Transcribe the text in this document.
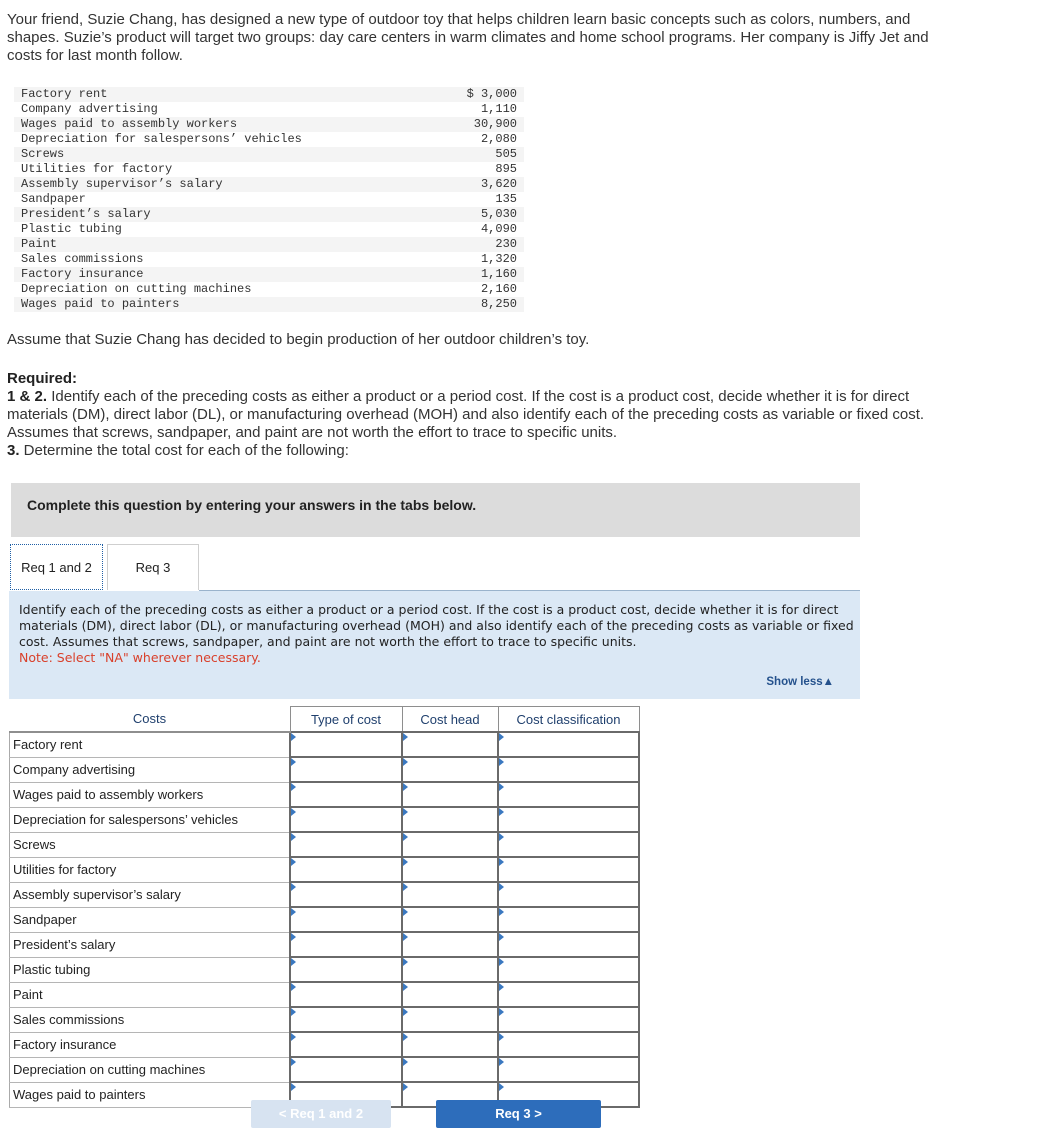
Your friend, Suzie Chang, has designed a new type of outdoor toy that helps children learn basic concepts such as colors, numbers, and shapes. Suzie’s product will target two groups: day care centers in warm climates and home school programs. Her company is Jiffy Jet and costs for last month follow.
Factory rent	$ 3,000
Company advertising	1,110
Wages paid to assembly workers	30,900
Depreciation for salespersons’ vehicles	2,080
Screws	505
Utilities for factory	895
Assembly supervisor’s salary	3,620
Sandpaper	135
President’s salary	5,030
Plastic tubing	4,090
Paint	230
Sales commissions	1,320
Factory insurance	1,160
Depreciation on cutting machines	2,160
Wages paid to painters	8,250
Assume that Suzie Chang has decided to begin production of her outdoor children’s toy.
Required:
1 & 2. Identify each of the preceding costs as either a product or a period cost. If the cost is a product cost, decide whether it is for direct materials (DM), direct labor (DL), or manufacturing overhead (MOH) and also identify each of the preceding costs as variable or fixed cost. Assumes that screws, sandpaper, and paint are not worth the effort to trace to specific units.
3. Determine the total cost for each of the following:
Complete this question by entering your answers in the tabs below.
Req 1 and 2	Req 3
Identify each of the preceding costs as either a product or a period cost. If the cost is a product cost, decide whether it is for direct materials (DM), direct labor (DL), or manufacturing overhead (MOH) and also identify each of the preceding costs as variable or fixed cost. Assumes that screws, sandpaper, and paint are not worth the effort to trace to specific units.
Note: Select "NA" wherever necessary.
Show less▲
Costs	Type of cost	Cost head	Cost classification
Factory rent			
Company advertising			
Wages paid to assembly workers			
Depreciation for salespersons’ vehicles			
Screws			
Utilities for factory			
Assembly supervisor’s salary			
Sandpaper			
President’s salary			
Plastic tubing			
Paint			
Sales commissions			
Factory insurance			
Depreciation on cutting machines			
Wages paid to painters			
< Req 1 and 2	Req 3 >
